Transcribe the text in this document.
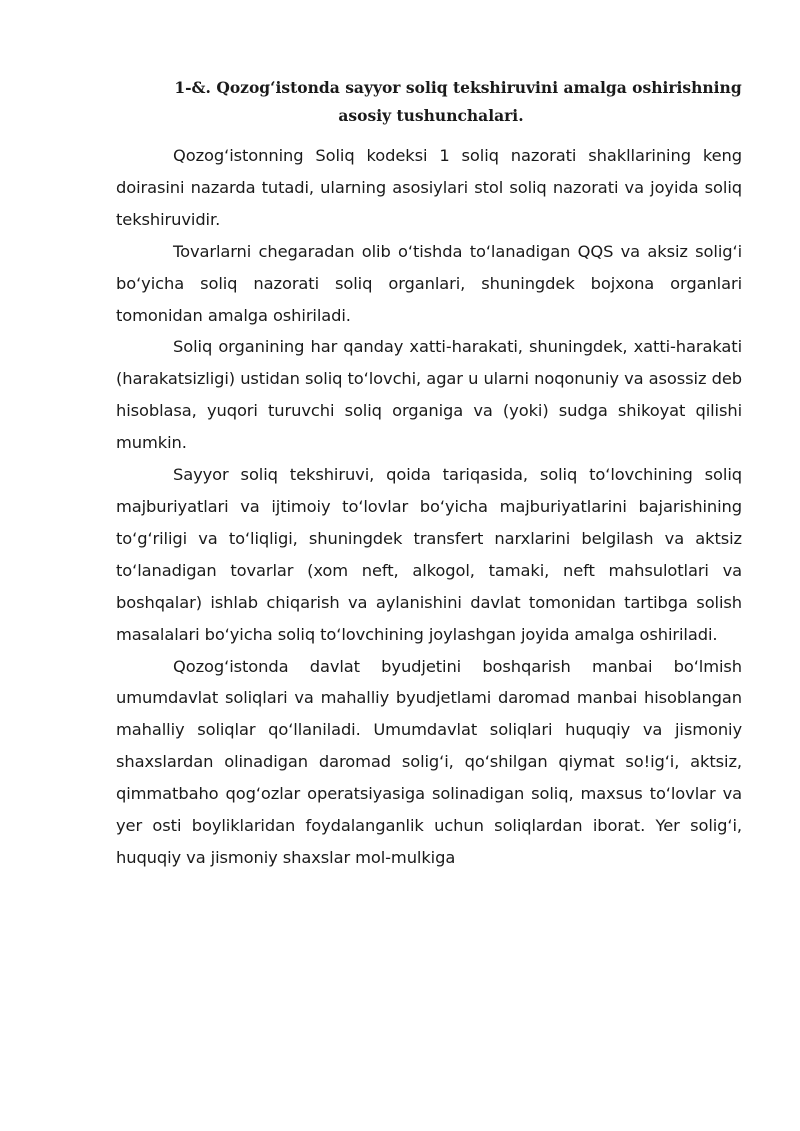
1-&. Qozog‘istonda sayyor soliq tekshiruvini amalga oshirishning
asosiy tushunchalari.

Qozog‘istonning Soliq kodeksi 1 soliq nazorati shakllarining keng doirasini nazarda tutadi, ularning asosiylari stol soliq nazorati va joyida soliq tekshiruvidir.

Tovarlarni chegaradan olib o‘tishda to‘lanadigan QQS va aksiz solig‘i bo‘yicha soliq nazorati soliq organlari, shuningdek bojxona organlari tomonidan amalga oshiriladi.

Soliq organining har qanday xatti-harakati, shuningdek, xatti-harakati (harakatsizligi) ustidan soliq to‘lovchi, agar u ularni noqonuniy va asossiz deb hisoblasa, yuqori turuvchi soliq organiga va (yoki) sudga shikoyat qilishi mumkin.

Sayyor soliq tekshiruvi, qoida tariqasida, soliq to‘lovchining soliq majburiyatlari va ijtimoiy to‘lovlar bo‘yicha majburiyatlarini bajarishining to‘g‘riligi va to‘liqligi, shuningdek transfert narxlarini belgilash va aktsiz to‘lanadigan tovarlar (xom neft, alkogol, tamaki, neft mahsulotlari va boshqalar) ishlab chiqarish va aylanishini davlat tomonidan tartibga solish masalalari bo‘yicha soliq to‘lovchining joylashgan joyida amalga oshiriladi.

Qozog‘istonda davlat byudjetini boshqarish manbai bo‘lmish umumdavlat soliqlari va mahalliy byudjetlami daromad manbai hisoblangan mahalliy soliqlar qo‘llaniladi. Umumdavlat soliqlari huquqiy va jismoniy shaxslardan olinadigan daromad solig‘i, qo‘shilgan qiymat so!ig‘i, aktsiz, qimmatbaho qog‘ozlar operatsiyasiga solinadigan soliq, maxsus to‘lovlar va yer osti boyliklaridan foydalanganlik uchun soliqlardan iborat. Yer solig‘i, huquqiy va jismoniy shaxslar mol-mulkiga
